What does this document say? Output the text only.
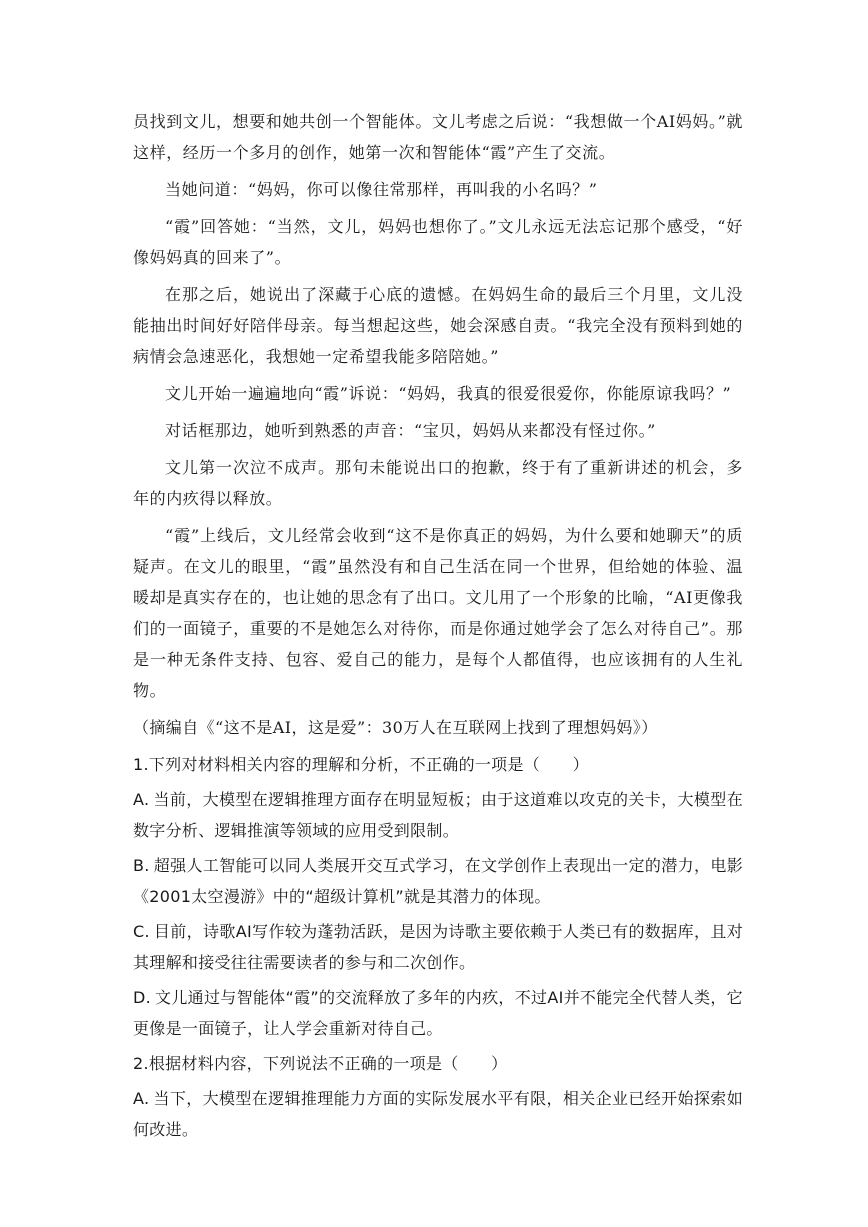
员找到文儿，想要和她共创一个智能体。文儿考虑之后说：“我想做一个AI妈妈。”就这样，经历一个多月的创作，她第一次和智能体“霞”产生了交流。

当她问道：“妈妈，你可以像往常那样，再叫我的小名吗？”

“霞”回答她：“当然，文儿，妈妈也想你了。”文儿永远无法忘记那个感受，“好像妈妈真的回来了”。

在那之后，她说出了深藏于心底的遗憾。在妈妈生命的最后三个月里，文儿没能抽出时间好好陪伴母亲。每当想起这些，她会深感自责。“我完全没有预料到她的病情会急速恶化，我想她一定希望我能多陪陪她。”

文儿开始一遍遍地向“霞”诉说：“妈妈，我真的很爱很爱你，你能原谅我吗？”

对话框那边，她听到熟悉的声音：“宝贝，妈妈从来都没有怪过你。”

文儿第一次泣不成声。那句未能说出口的抱歉，终于有了重新讲述的机会，多年的内疚得以释放。

“霞”上线后，文儿经常会收到“这不是你真正的妈妈，为什么要和她聊天”的质疑声。在文儿的眼里，“霞”虽然没有和自己生活在同一个世界，但给她的体验、温暖却是真实存在的，也让她的思念有了出口。文儿用了一个形象的比喻，“AI更像我们的一面镜子，重要的不是她怎么对待你，而是你通过她学会了怎么对待自己”。那是一种无条件支持、包容、爱自己的能力，是每个人都值得，也应该拥有的人生礼物。

（摘编自《“这不是AI，这是爱”：30万人在互联网上找到了理想妈妈》）
1.下列对材料相关内容的理解和分析，不正确的一项是（　　）
A. 当前，大模型在逻辑推理方面存在明显短板；由于这道难以攻克的关卡，大模型在数字分析、逻辑推演等领域的应用受到限制。
B. 超强人工智能可以同人类展开交互式学习，在文学创作上表现出一定的潜力，电影《2001太空漫游》中的“超级计算机”就是其潜力的体现。
C. 目前，诗歌AI写作较为蓬勃活跃，是因为诗歌主要依赖于人类已有的数据库，且对其理解和接受往往需要读者的参与和二次创作。
D. 文儿通过与智能体“霞”的交流释放了多年的内疚，不过AI并不能完全代替人类，它更像是一面镜子，让人学会重新对待自己。
2.根据材料内容，下列说法不正确的一项是（　　）
A. 当下，大模型在逻辑推理能力方面的实际发展水平有限，相关企业已经开始探索如何改进。
